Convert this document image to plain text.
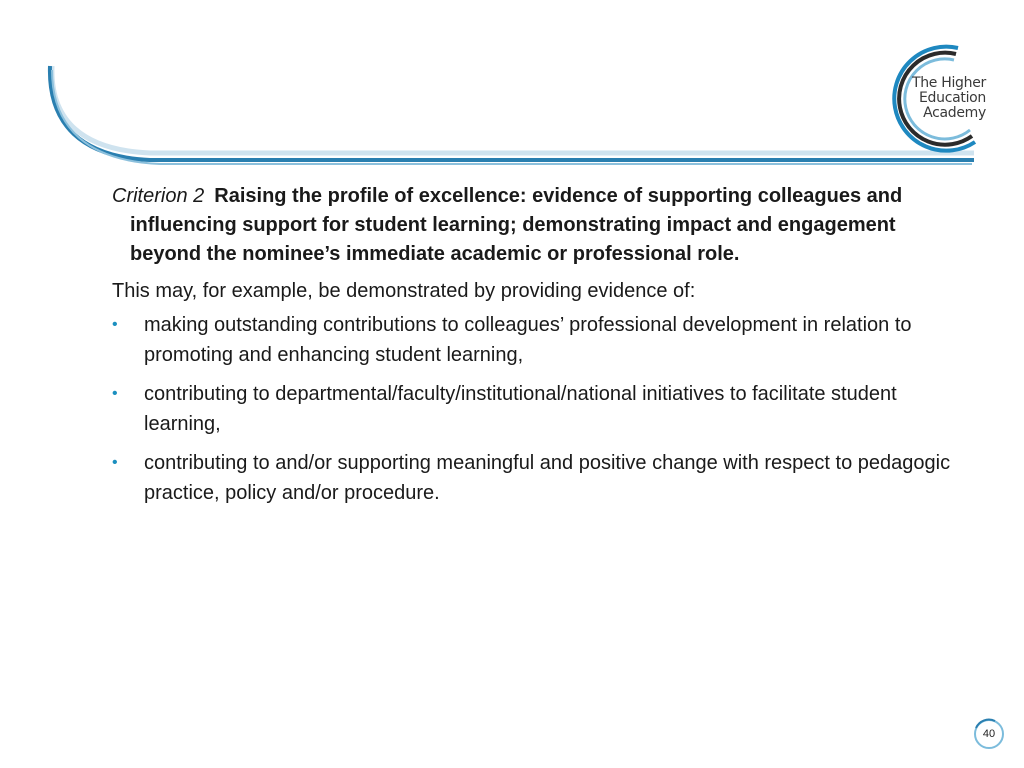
The Higher
Education
Academy

Criterion 2 Raising the profile of excellence: evidence of supporting colleagues and influencing support for student learning; demonstrating impact and engagement beyond the nominee’s immediate academic or professional role.

This may, for example, be demonstrated by providing evidence of:

• making outstanding contributions to colleagues’ professional development in relation to promoting and enhancing student learning,
• contributing to departmental/faculty/institutional/national initiatives to facilitate student learning,
• contributing to and/or supporting meaningful and positive change with respect to pedagogic practice, policy and/or procedure.
40
